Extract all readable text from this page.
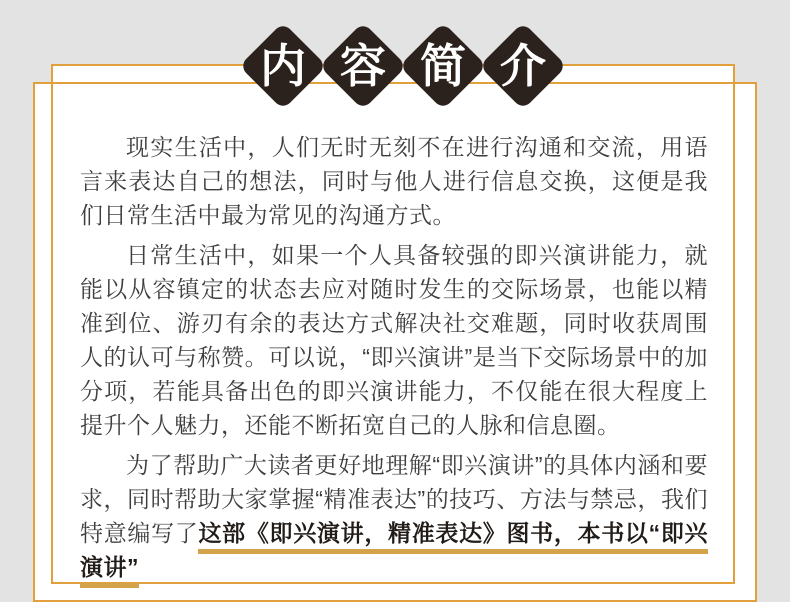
内 容 简 介

现实生活中，人们无时无刻不在进行沟通和交流，用语言来表达自己的想法，同时与他人进行信息交换，这便是我们日常生活中最为常见的沟通方式。

日常生活中，如果一个人具备较强的即兴演讲能力，就能以从容镇定的状态去应对随时发生的交际场景，也能以精准到位、游刃有余的表达方式解决社交难题，同时收获周围人的认可与称赞。可以说，“即兴演讲”是当下交际场景中的加分项，若能具备出色的即兴演讲能力，不仅能在很大程度上提升个人魅力，还能不断拓宽自己的人脉和信息圈。

为了帮助广大读者更好地理解“即兴演讲”的具体内涵和要求，同时帮助大家掌握“精准表达”的技巧、方法与禁忌，我们特意编写了这部《即兴演讲，精准表达》图书，本书以“即兴演讲”
